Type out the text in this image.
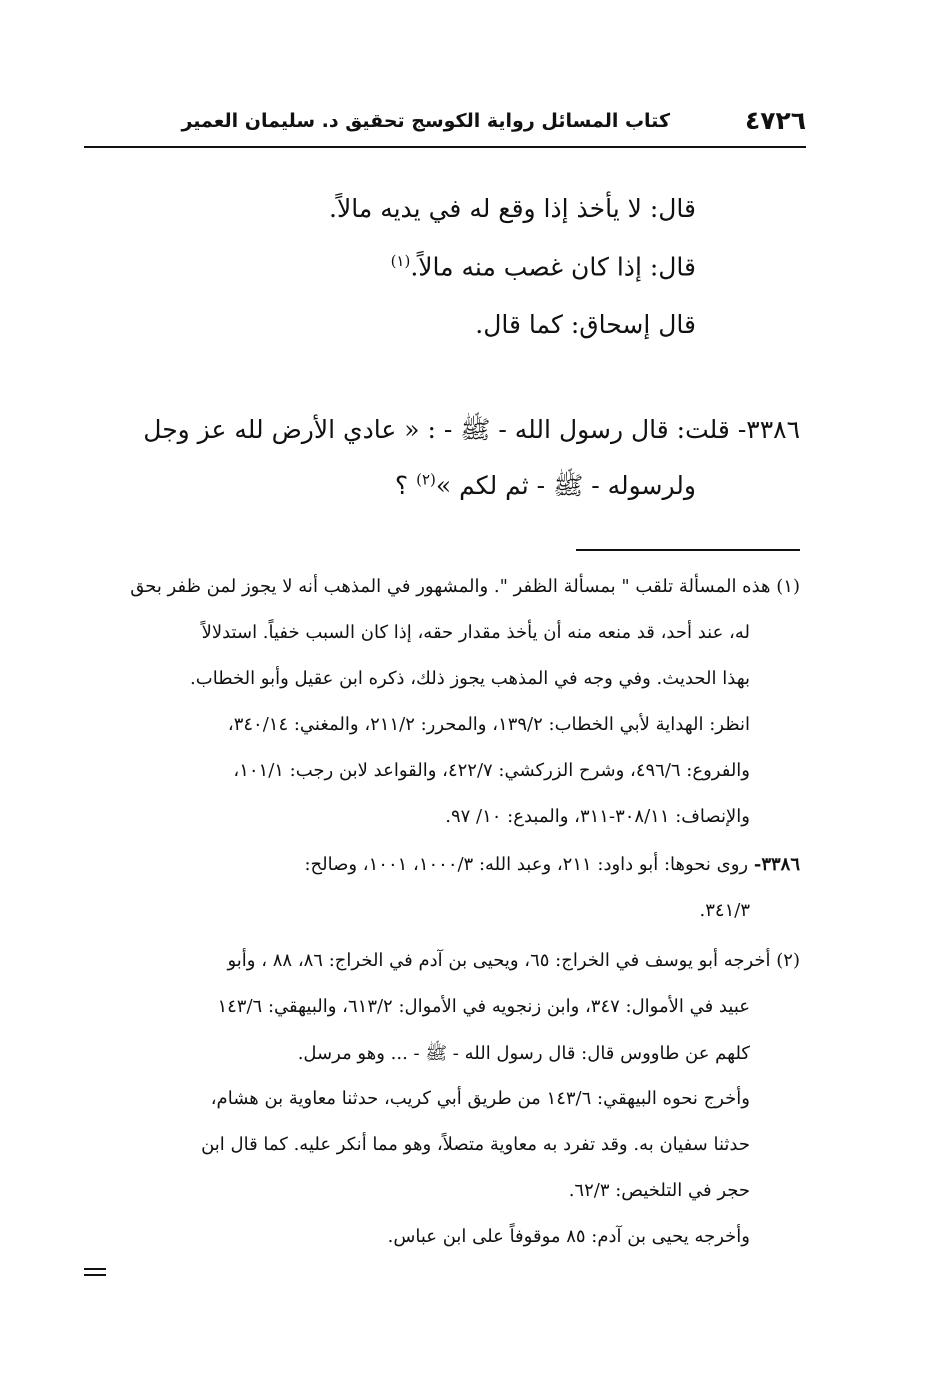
٤٧٢٦
كتاب المسائل رواية الكوسج تحقيق د. سليمان العمير
قال: لا يأخذ إذا وقع له في يديه مالاً.
قال: إذا كان غصب منه مالاً.$^{(١)}$
قال إسحاق: كما قال.
٣٣٨٦- قلت: قال رسول الله - ﷺ - : « عادي الأرض لله عز وجل
ولرسوله - ﷺ - ثم لكم »$^{(٢)}$ ؟
(١) هذه المسألة تلقب " بمسألة الظفر ". والمشهور في المذهب أنه لا يجوز لمن ظفر بحق
له، عند أحد، قد منعه منه أن يأخذ مقدار حقه، إذا كان السبب خفياً. استدلالاً
بهذا الحديث. وفي وجه في المذهب يجوز ذلك، ذكره ابن عقيل وأبو الخطاب.
انظر: الهداية لأبي الخطاب: ١٣٩/٢، والمحرر: ٢١١/٢، والمغني: ٣٤٠/١٤،
والفروع: ٤٩٦/٦، وشرح الزركشي: ٤٢٢/٧، والقواعد لابن رجب: ١٠١/١،
والإنصاف: ٣٠٨/١١-٣١١، والمبدع: ١٠/ ٩٧.
٣٣٨٦- روى نحوها: أبو داود: ٢١١، وعبد الله: ١٠٠٠/٣، ١٠٠١، وصالح:
٣٤١/٣.
(٢) أخرجه أبو يوسف في الخراج: ٦٥، ويحيى بن آدم في الخراج: ٨٦، ٨٨ ، وأبو
عبيد في الأموال: ٣٤٧، وابن زنجويه في الأموال: ٦١٣/٢، والبيهقي: ١٤٣/٦
كلهم عن طاووس قال: قال رسول الله - ﷺ - ... وهو مرسل.
وأخرج نحوه البيهقي: ١٤٣/٦ من طريق أبي كريب، حدثنا معاوية بن هشام،
حدثنا سفيان به. وقد تفرد به معاوية متصلاً، وهو مما أنكر عليه. كما قال ابن
حجر في التلخيص: ٦٢/٣.
وأخرجه يحيى بن آدم: ٨٥ موقوفاً على ابن عباس.
